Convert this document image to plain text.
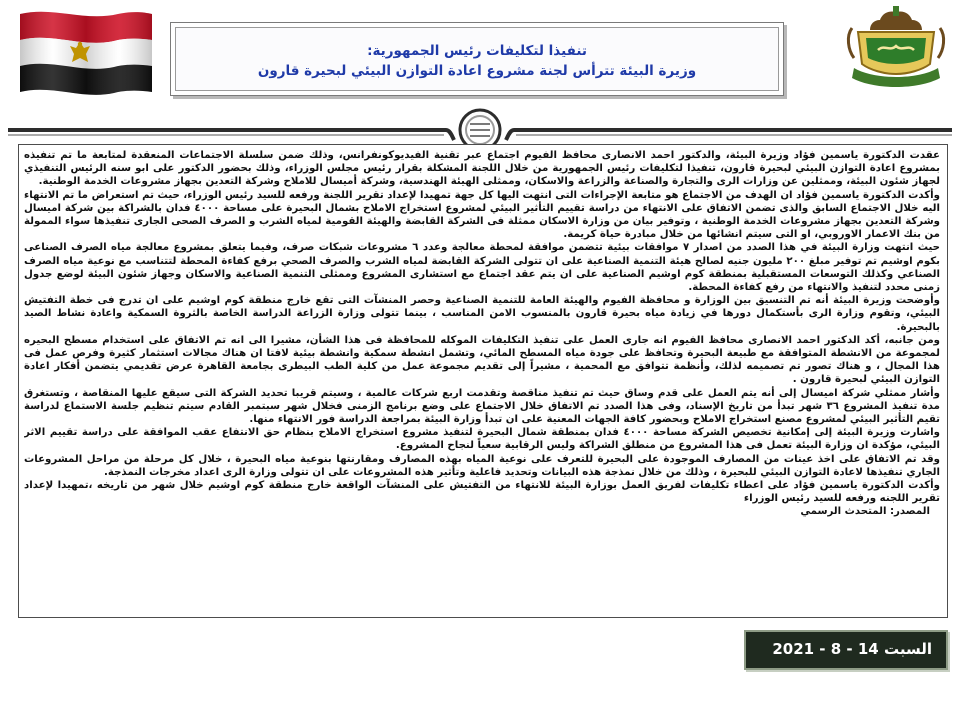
تنفيذا لتكليفات رئيس الجمهورية:
وزيرة البيئة تترأس لجنة مشروع اعادة التوازن البيئي لبحيرة قارون

عقدت الدكتورة ياسمين فؤاد وزيرة البيئة، والدكتور احمد الانصارى محافظ الفيوم اجتماع عبر تقنية الفيديوكونفرانس، وذلك ضمن سلسلة الاجتماعات المنعقدة لمتابعة ما تم تنفيذه بمشروع اعادة التوازن البيئي لبحيرة قارون، تنفيذا لتكليفات رئيس الجمهورية من خلال اللجنة المشكلة بقرار رئيس مجلس الوزراء، وذلك بحضور الدكتور على ابو سنه الرئيس التنفيذي لجهاز شئون البيئة، وممثلين عن وزارات الرى والتجارة والصناعة والزراعة والاسكان، وممثلى الهيئة الهندسية، وشركة أميسال للاملاح وشركة التعدين بجهاز مشروعات الخدمة الوطنية.

وأكدت الدكتورة ياسمين فؤاد ان الهدف من الاجتماع هو متابعة الإجراءات التى انتهت اليها كل جهة تمهيدا لإعداد تقرير اللجنة ورفعه للسيد رئيس الوزراء، حيث تم استعراض ما تم الانتهاء اليه خلال الاجتماع السابق والذى تضمن الاتفاق على الانتهاء من دراسة تقييم التأثير البيئي لمشروع استخراج الاملاح بشمال البحيرة على مساحة ٤٠٠٠ فدان بالشراكة بين شركة اميسال وشركة التعدين بجهاز مشروعات الخدمة الوطنية ، وتوفير بيان من وزارة الاسكان ممثلة فى الشركة القابضة والهيئة القومية لمياه الشرب و الصرف الصحى الجارى تنفيذها سواء الممولة من بنك الاعمار الاوروبي، او التى سيتم انشائها من خلال مبادرة حياة كريمة.

حيث انتهت وزارة البيئة في هذا الصدد من اصدار ٧ موافقات بيئية تتضمن موافقة لمحطة معالجة وعدد ٦ مشروعات شبكات صرف، وفيما يتعلق بمشروع معالجة مياه الصرف الصناعى بكوم اوشيم تم توفير مبلغ ٢٠٠ مليون جنيه لصالح هيئة التنمية الصناعية على ان تتولى الشركة القابضة لمياه الشرب والصرف الصحي برفع كفاءة المحطة لتتناسب مع نوعية مياه الصرف الصناعي وكذلك التوسعات المستقبلية بمنطقة كوم اوشيم الصناعية على ان يتم عقد اجتماع مع استشارى المشروع وممثلى التنمية الصناعية والاسكان وجهاز شئون البيئة لوضع جدول زمنى محدد لتنفيذ والانتهاء من رفع كفاءة المحطة.

وأوضحت وزيرة البيئة أنه تم التنسيق بين الوزارة و محافظة الفيوم والهيئة العامة للتنمية الصناعية وحصر المنشآت التى تقع خارج منطقة كوم اوشيم على ان تدرج فى خطة التفتيش البيئي، وتقوم وزارة الرى بأستكمال دورها في زيادة مياه بحيرة قارون بالمنسوب الامن المناسب ، بينما تتولى وزارة الزراعة الدراسة الخاصة بالثروة السمكية واعادة نشاط الصيد بالبحيرة.

ومن جانبه، أكد الدكتور احمد الانصارى محافظ الفيوم انه جارى العمل على تنفيذ التكليفات الموكله للمحافظة فى هذا الشأن، مشيرا الى انه تم الاتفاق على استخدام مسطح البحيره لمجموعة من الانشطة المتوافقة مع طبيعة البحيرة وتحافظ على جودة مياه المسطح المائي، وتشمل انشطة سمكية وانشطة بيئية لافتا ان هناك مجالات استثمار كثيرة وفرص عمل فى هذا المجال ، و هناك تصور تم تصميمه لذلك، وأنظمة تتوافق مع المحمية ، مشيراً إلى تقديم مجموعة عمل من كلية الطب البيطرى بجامعة القاهرة عرض تقديمي يتضمن أفكار اعادة التوازن البيئي لبحيرة قارون .

وأشار ممثلي شركة اميسال إلى أنه يتم العمل على قدم وساق حيث تم تنفيذ مناقصة وتقدمت اربع شركات عالمية ، وسيتم قريبا تحديد الشركة التى سيقع عليها المنقاصة ، وتستغرق مدة تنفيذ المشروع ٣٦ شهر تبدأ من تاريخ الإسناد، وفى هذا الصدد تم الاتفاق خلال الاجتماع على وضع برنامج الزمنى فخلال شهر سبتمبر القادم سيتم تنظيم جلسة الاستماع لدراسة تقيم التأثير البيئي لمشروع مصنع استخراج الاملاح وبحضور كافة الجهات المعنية على ان تبدأ وزارة البيئة بمراجعة الدراسة فور الانتهاء منها.

واشارت وزيرة البيئة إلى إمكانية تخصيص الشركة مساحة ٤٠٠٠ فدان بمنطقة شمال البحيرة لتنفيذ مشروع استخراج الاملاح بنظام حق الانتفاع عقب الموافقة على دراسة تقييم الاثر البيئي، مؤكدة ان وزارة البيئة تعمل فى هذا المشروع من منطلق الشراكة وليس الرقابية سعياً لنجاح المشروع.

وقد تم الاتفاق على اخذ عينات من المصارف الموجودة على البحيرة للتعرف على نوعية المياه بهذه المصارف ومقارنتها بنوعية مياه البحيرة ، خلال كل مرحلة من مراحل المشروعات الجاري تنفيذها لاعادة التوازن البيئي للبحيرة ، وذلك من خلال نمذجة هذه البيانات وتحديد فاعلية وتأثير هذه المشروعات على ان تتولى وزارة الرى اعداد مخرجات النمذجة.

وأكدت الدكتورة ياسمين فؤاد على اعطاء تكليفات لفريق العمل بوزارة البيئة للانتهاء من التفتيش على المنشآت الواقعة خارج منطقة كوم اوشيم خلال شهر من تاريخه ،تمهيدا لإعداد تقرير اللجنه ورفعه للسيد رئيس الوزراء

المصدر: المتحدث الرسمي

السبت 14 - 8 - 2021
